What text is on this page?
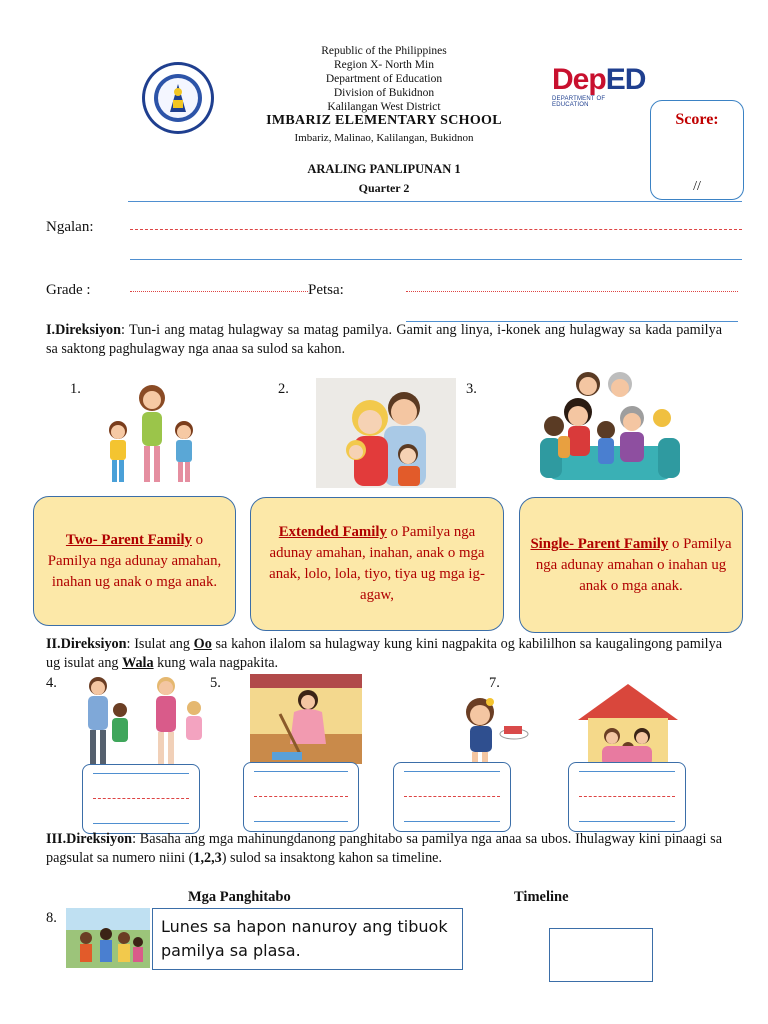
Republic of the Philippines
Region X- North Min
Department of Education
Division of Bukidnon
Kalilangan West District
IMBARIZ ELEMENTARY SCHOOL
Imbariz, Malinao, Kalilangan, Bukidnon
ARALING PANLIPUNAN 1
Quarter 2
DepED
DEPARTMENT OF EDUCATION
Score:
//
Ngalan:
Grade :	Petsa:
I.Direksiyon: Tun-i ang matag hulagway sa matag pamilya. Gamit ang linya, i-konek ang hulagway sa kada pamilya sa saktong paghulagway nga anaa sa sulod sa kahon.
1.	2.	3.
Two- Parent Family o Pamilya nga adunay amahan, inahan ug anak o mga anak.
Extended Family o Pamilya nga adunay amahan, inahan, anak o mga anak, lolo, lola, tiyo, tiya ug mga ig-agaw,
Single- Parent Family o Pamilya nga adunay amahan o inahan ug anak o mga anak.
II.Direksiyon: Isulat ang Oo sa kahon ilalom sa hulagway kung kini nagpakita og kabililhon sa kaugalingong pamilya ug isulat ang Wala kung wala nagpakita.
4.	5.	7.
III.Direksiyon: Basaha ang mga mahinungdanong panghitabo sa pamilya nga anaa sa ubos. Ihulagway kini pinaagi sa pagsulat sa numero niini (1,2,3) sulod sa insaktong kahon sa timeline.
Mga Panghitabo	Timeline
8.	Lunes sa hapon nanuroy ang tibuok pamilya sa plasa.
